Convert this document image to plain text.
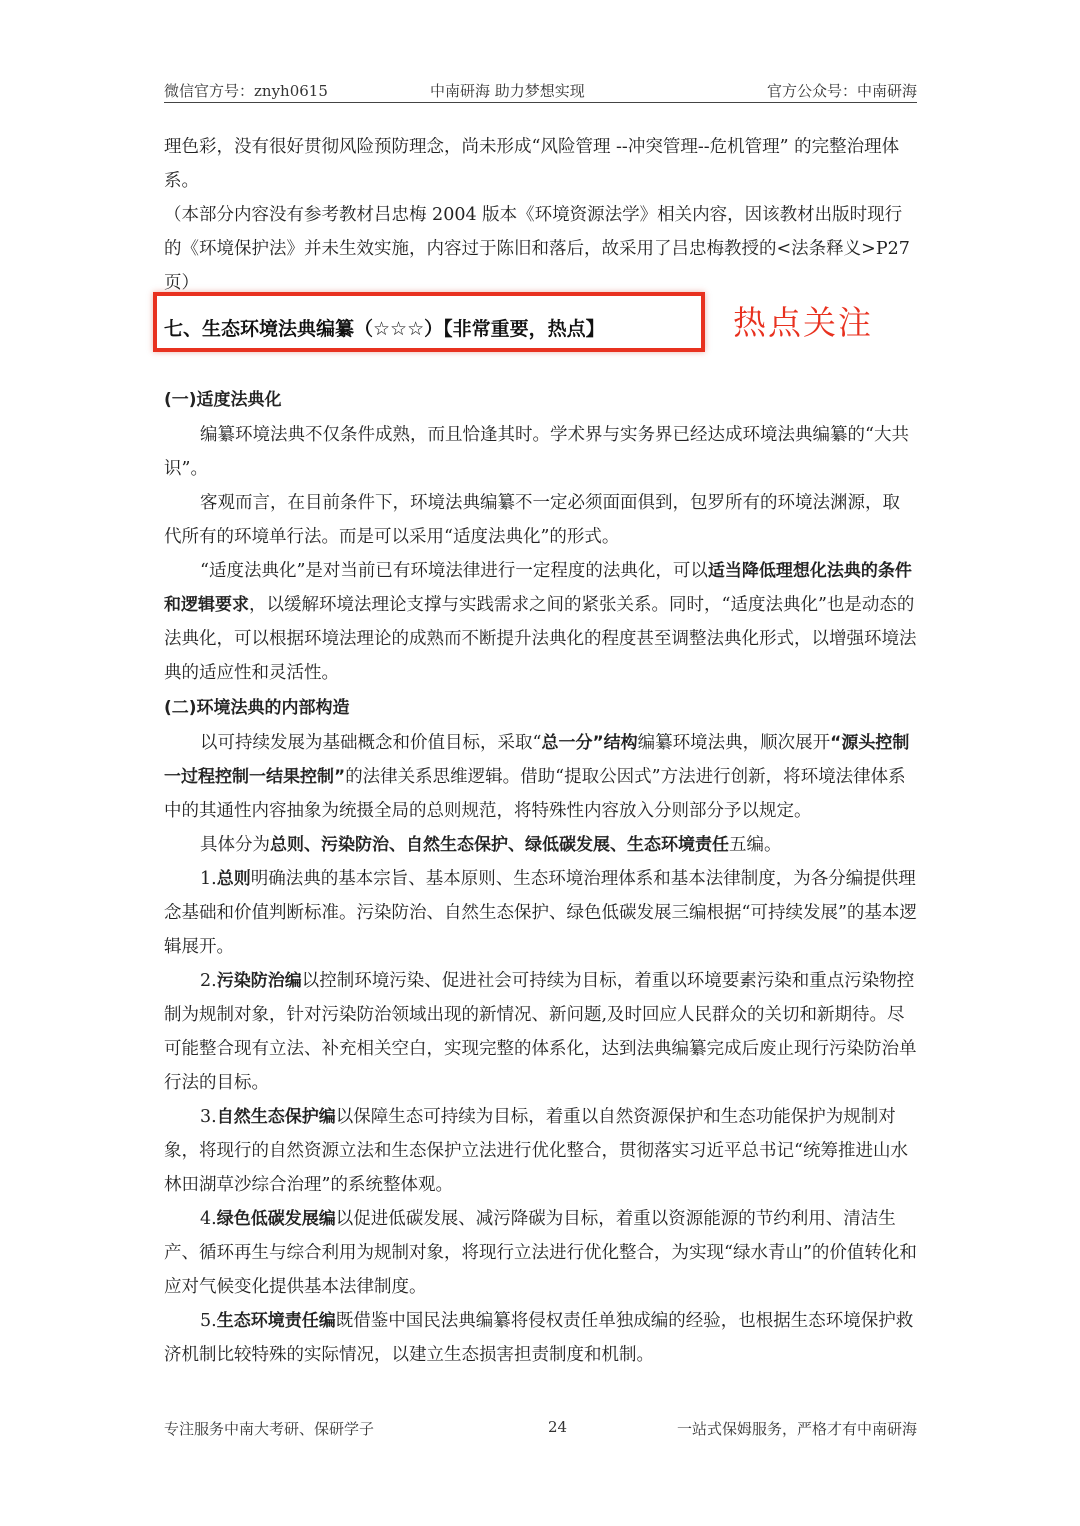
微信官方号：znyh0615	中南研海 助力梦想实现	官方公众号：中南研海
七、生态环境法典编纂（☆☆☆）【非常重要，热点】	热点关注

理色彩，没有很好贯彻风险预防理念，尚未形成“风险管理 --冲突管理--危机管理” 的完整治理体系。

（本部分内容没有参考教材吕忠梅 2004 版本《环境资源法学》相关内容，因该教材出版时现行的《环境保护法》并未生效实施，内容过于陈旧和落后，故采用了吕忠梅教授的<法条释义>P27 页）

(一)适度法典化

编纂环境法典不仅条件成熟，而且恰逢其时。学术界与实务界已经达成环境法典编纂的“大共识”。

客观而言，在目前条件下，环境法典编纂不一定必须面面俱到，包罗所有的环境法渊源，取代所有的环境单行法。而是可以采用“适度法典化”的形式。

“适度法典化”是对当前已有环境法律进行一定程度的法典化，可以适当降低理想化法典的条件和逻辑要求，以缓解环境法理论支撑与实践需求之间的紧张关系。同时，“适度法典化”也是动态的法典化，可以根据环境法理论的成熟而不断提升法典化的程度甚至调整法典化形式，以增强环境法典的适应性和灵活性。

(二)环境法典的内部构造

以可持续发展为基础概念和价值目标，采取“总一分”结构编纂环境法典，顺次展开“源头控制一过程控制一结果控制”的法律关系思维逻辑。借助“提取公因式”方法进行创新，将环境法律体系中的其通性内容抽象为统摄全局的总则规范，将特殊性内容放入分则部分予以规定。

具体分为总则、污染防治、自然生态保护、绿低碳发展、生态环境责任五编。

1.总则明确法典的基本宗旨、基本原则、生态环境治理体系和基本法律制度，为各分编提供理念基础和价值判断标准。污染防治、自然生态保护、绿色低碳发展三编根据“可持续发展”的基本逻辑展开。

2.污染防治编以控制环境污染、促进社会可持续为目标，着重以环境要素污染和重点污染物控制为规制对象，针对污染防治领域出现的新情况、新问题,及时回应人民群众的关切和新期待。尽可能整合现有立法、补充相关空白，实现完整的体系化，达到法典编纂完成后废止现行污染防治单行法的目标。

3.自然生态保护编以保障生态可持续为目标，着重以自然资源保护和生态功能保护为规制对象，将现行的自然资源立法和生态保护立法进行优化整合，贯彻落实习近平总书记“统筹推进山水林田湖草沙综合治理”的系统整体观。

4.绿色低碳发展编以促进低碳发展、减污降碳为目标，着重以资源能源的节约利用、清洁生产、循环再生与综合利用为规制对象，将现行立法进行优化整合，为实现“绿水青山”的价值转化和应对气候变化提供基本法律制度。

5.生态环境责任编既借鉴中国民法典编纂将侵权责任单独成编的经验，也根据生态环境保护救济机制比较特殊的实际情况，以建立生态损害担责制度和机制。

专注服务中南大考研、保研学子	24	一站式保姆服务，严格才有中南研海
